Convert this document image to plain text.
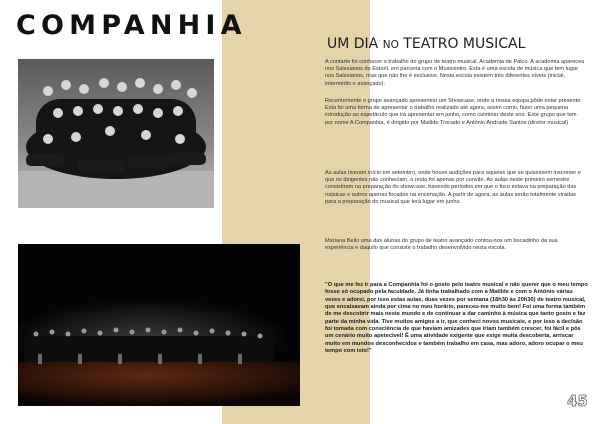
COMPANHIA
UM DIA NO TEATRO MUSICAL

A contarte foi conhecer o trabalho do grupo de teatro musical, Academia de Palco. A academia apareceu nos Salesianos do Estoril, em parceria com o Musicentro. Esta é uma escola de música que tem lugar nos Salesianos, mas que não lhe é exclusivo. Nesta escola existem três diferentes níveis (inicial, intermédio e avançado).

Recentemente o grupo avançado apresentou um Showcase, onde a nossa equipa pôde estar presente. Esta foi uma forma de apresentar o trabalho realizado até agora, assim como, fazer uma pequena introdução ao espetáculo que irá apresentar em junho, como culminar deste ano. Este grupo que tem por nome A Companhia, é dirigido por Matilde Trocado e António Andrade Santos (diretor musical)

As aulas tiveram início em setembro, onde houve audições para aqueles que se quisessem inscrever e que os dirigentes não conheciam, o resto foi apenas por convite. As aulas neste primeiro semestre consistiram na preparação do showcase, havendo períodos em que o foco estava na preparação das músicas e outros apenas focados na encenação. A partir de agora, as aulas serão totalmente viradas para a preparação do musical que terá lugar em junho.

Mariana Bello uma das alunas do grupo de teatro avançado contou-nos um bocadinho da sua experiência e daquilo que consiste o trabalho desenvolvido nesta escola.

"O que me fez ir para a Companhia foi o gosto pelo teatro musical e não querer que o meu tempo fosse só ocupado pela faculdade. Já tinha trabalhado com a Matilde e com o António várias vezes e adorei, por isso estas aulas, duas vezes por semana (18h30 às 20h30) de teatro musical, que encaixavam ainda por cima no meu horário, pareceu-me muito bem! Foi uma forma também de me descobrir mais neste mundo e de continuar a dar caminho à música que tanto gosto e faz parte da minha vida. Tive muitos amigos a ir, que conheci novos musicais, e por isso a decisão foi tomada com consciência de que haviam amizades que iriam também crescer, foi fácil e pôs um cenário muito apetecível! É uma atividade exigente que exige muita descoberta, arriscar muito em mundos desconhecidos e também trabalho em casa, mas adoro, adoro ocupar o meu tempo com isto!"

45
